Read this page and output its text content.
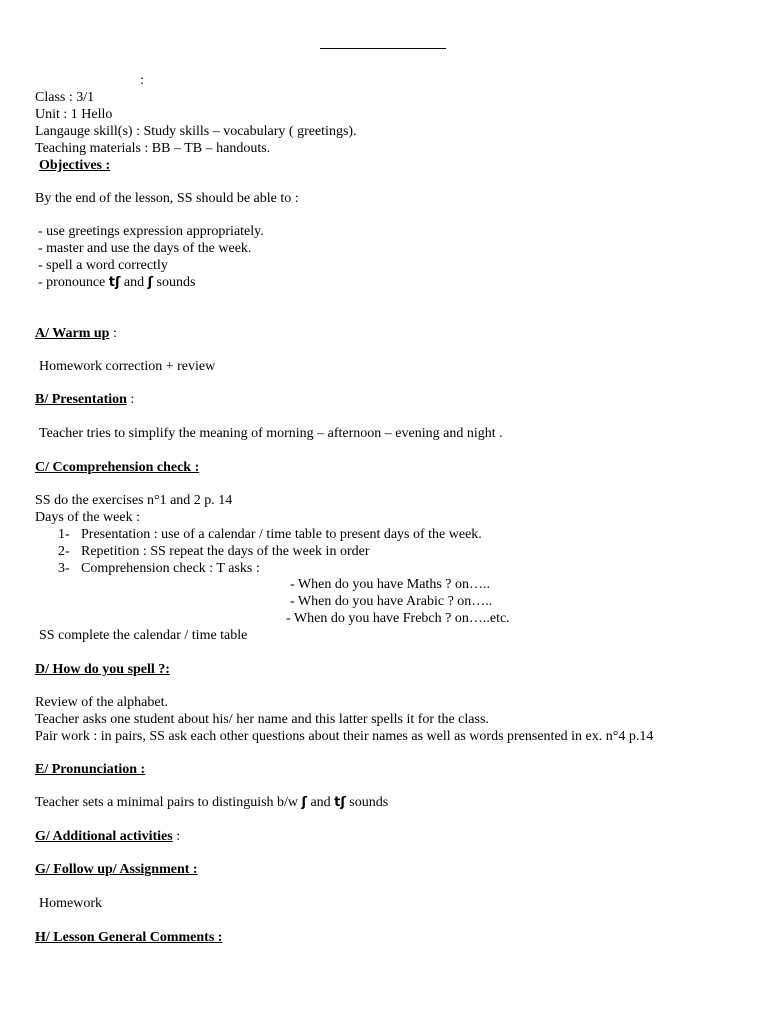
:
Class : 3/1
Unit : 1 Hello
Langauge skill(s) : Study skills – vocabulary ( greetings).
Teaching materials : BB – TB – handouts.
Objectives :
By the end of the lesson, SS should be able to :
- use greetings expression appropriately.
- master and use the days of the week.
- spell a word correctly
- pronounce tʃ and ʃ sounds
A/ Warm up :
Homework correction + review
B/ Presentation :
Teacher tries to simplify the meaning of morning – afternoon – evening and night .
C/ Ccomprehension check :
SS do the exercises n°1 and 2 p. 14
Days of the week :
1- Presentation : use of a calendar / time table to present days of the week.
2- Repetition : SS repeat the days of the week in order
3- Comprehension check : T asks :
- When do you have Maths ? on…..
- When do you have Arabic ? on…..
- When do you have Frebch ? on…..etc.
SS complete the calendar / time table
D/ How do you spell ?:
Review of the alphabet.
Teacher asks one student about his/ her name and this latter spells it for the class.
Pair work : in pairs, SS ask each other questions about their names as well as words prensented in ex. n°4 p.14
E/ Pronunciation :
Teacher sets a minimal pairs to distinguish b/w ʃ and tʃ sounds
G/ Additional activities :
G/ Follow up/ Assignment :
Homework
H/ Lesson General Comments :
